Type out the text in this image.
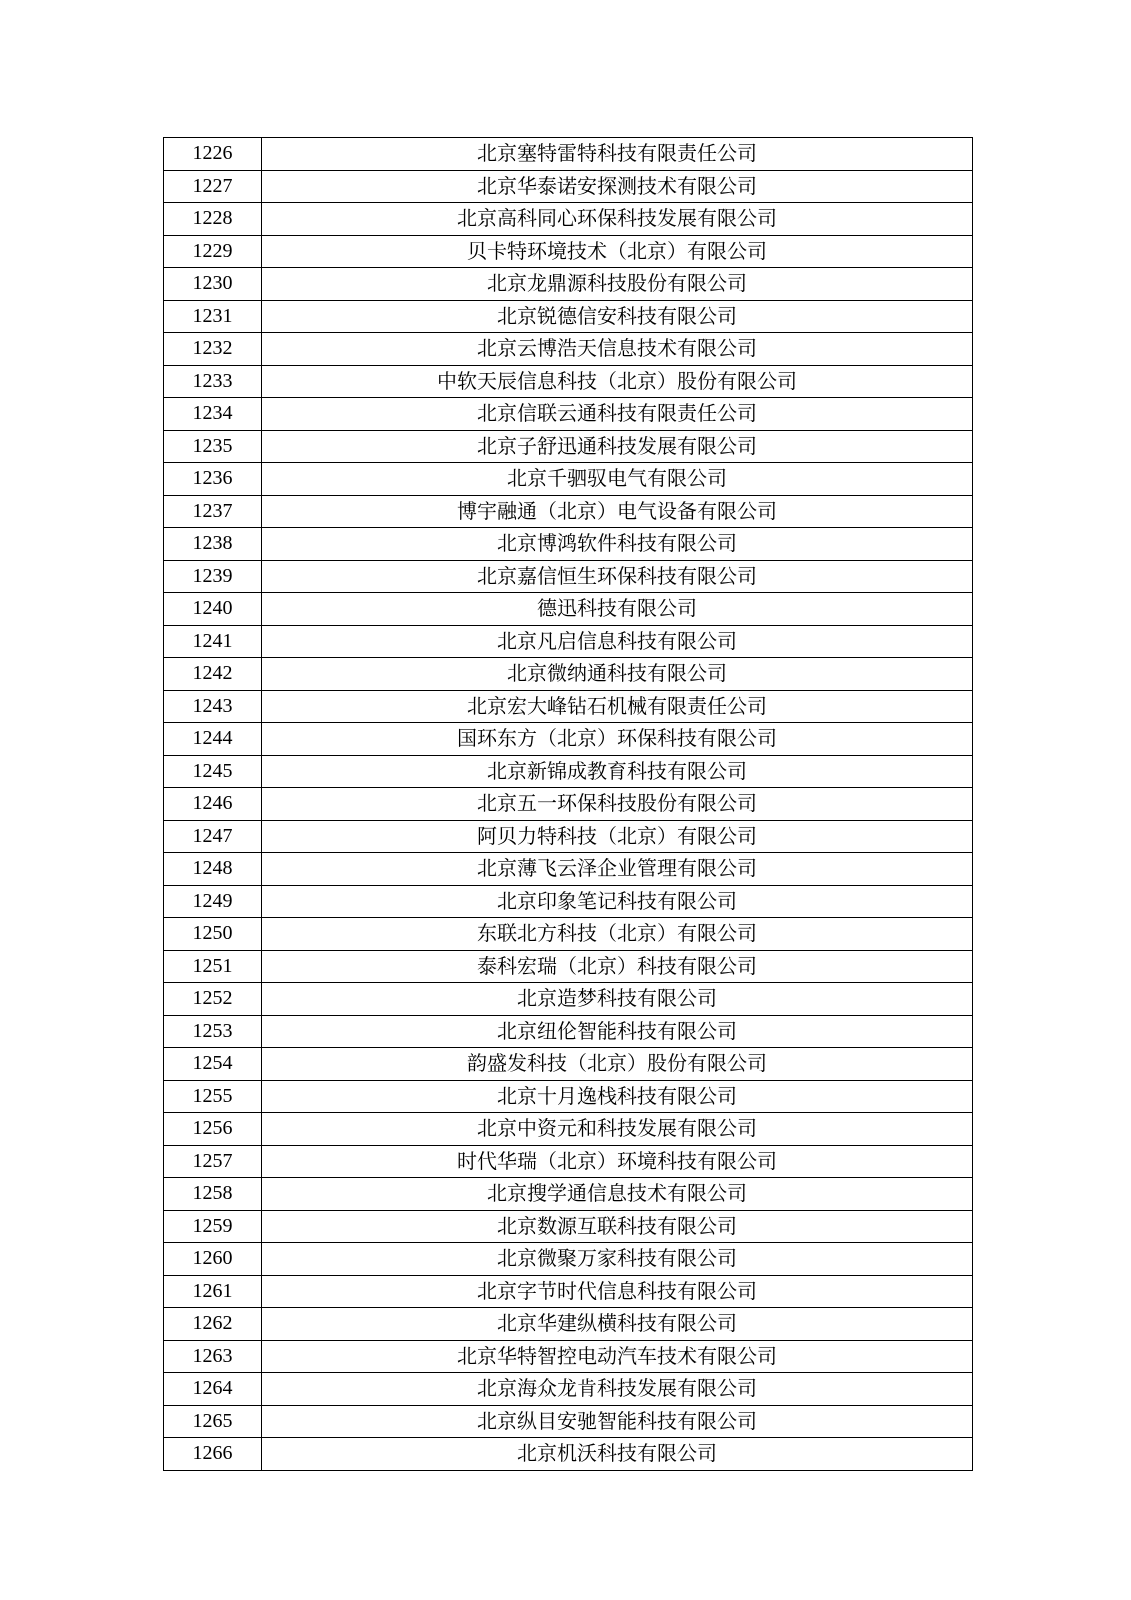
1226	北京塞特雷特科技有限责任公司
1227	北京华泰诺安探测技术有限公司
1228	北京高科同心环保科技发展有限公司
1229	贝卡特环境技术（北京）有限公司
1230	北京龙鼎源科技股份有限公司
1231	北京锐德信安科技有限公司
1232	北京云博浩天信息技术有限公司
1233	中软天辰信息科技（北京）股份有限公司
1234	北京信联云通科技有限责任公司
1235	北京子舒迅通科技发展有限公司
1236	北京千驷驭电气有限公司
1237	博宇融通（北京）电气设备有限公司
1238	北京博鸿软件科技有限公司
1239	北京嘉信恒生环保科技有限公司
1240	德迅科技有限公司
1241	北京凡启信息科技有限公司
1242	北京微纳通科技有限公司
1243	北京宏大峰钻石机械有限责任公司
1244	国环东方（北京）环保科技有限公司
1245	北京新锦成教育科技有限公司
1246	北京五一环保科技股份有限公司
1247	阿贝力特科技（北京）有限公司
1248	北京薄飞云泽企业管理有限公司
1249	北京印象笔记科技有限公司
1250	东联北方科技（北京）有限公司
1251	泰科宏瑞（北京）科技有限公司
1252	北京造梦科技有限公司
1253	北京纽伦智能科技有限公司
1254	韵盛发科技（北京）股份有限公司
1255	北京十月逸栈科技有限公司
1256	北京中资元和科技发展有限公司
1257	时代华瑞（北京）环境科技有限公司
1258	北京搜学通信息技术有限公司
1259	北京数源互联科技有限公司
1260	北京微聚万家科技有限公司
1261	北京字节时代信息科技有限公司
1262	北京华建纵横科技有限公司
1263	北京华特智控电动汽车技术有限公司
1264	北京海众龙肯科技发展有限公司
1265	北京纵目安驰智能科技有限公司
1266	北京机沃科技有限公司
